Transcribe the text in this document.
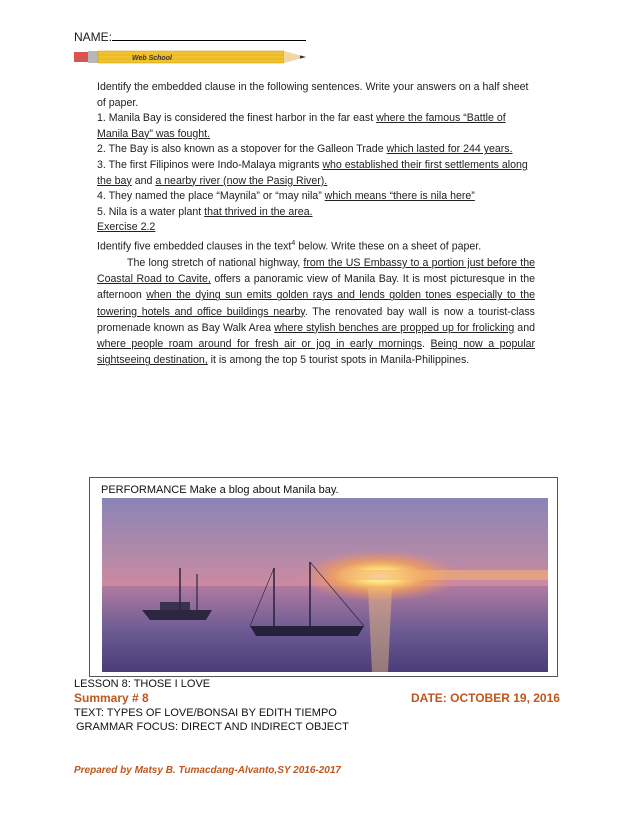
NAME:
Web School

Identify the embedded clause in the following sentences. Write your answers on a half sheet of paper.

1. Manila Bay is considered the finest harbor in the far east where the famous “Battle of Manila Bay” was fought.

2. The Bay is also known as a stopover for the Galleon Trade which lasted for 244 years.

3. The first Filipinos were Indo-Malaya migrants who established their first settlements along the bay and a nearby river (now the Pasig River).

4. They named the place “Maynila” or “may nila” which means “there is nila here”

5. Nila is a water plant that thrived in the area.

Exercise 2.2

Identify five embedded clauses in the text$^4$ below. Write these on a sheet of paper.

The long stretch of national highway, from the US Embassy to a portion just before the Coastal Road to Cavite, offers a panoramic view of Manila Bay. It is most picturesque in the afternoon when the dying sun emits golden rays and lends golden tones especially to the towering hotels and office buildings nearby. The renovated bay wall is now a tourist-class promenade known as Bay Walk Area where stylish benches are propped up for frolicking and where people roam around for fresh air or jog in early mornings. Being now a popular sightseeing destination, it is among the top 5 tourist spots in Manila-Philippines.

PERFORMANCE Make a blog about Manila bay.
LESSON 8: THOSE I LOVE
Summary # 8	DATE: OCTOBER 19, 2016
TEXT: TYPES OF LOVE/BONSAI BY EDITH TIEMPO
GRAMMAR FOCUS: DIRECT AND INDIRECT OBJECT
Prepared by Matsy B. Tumacdang-Alvanto,SY 2016-2017
